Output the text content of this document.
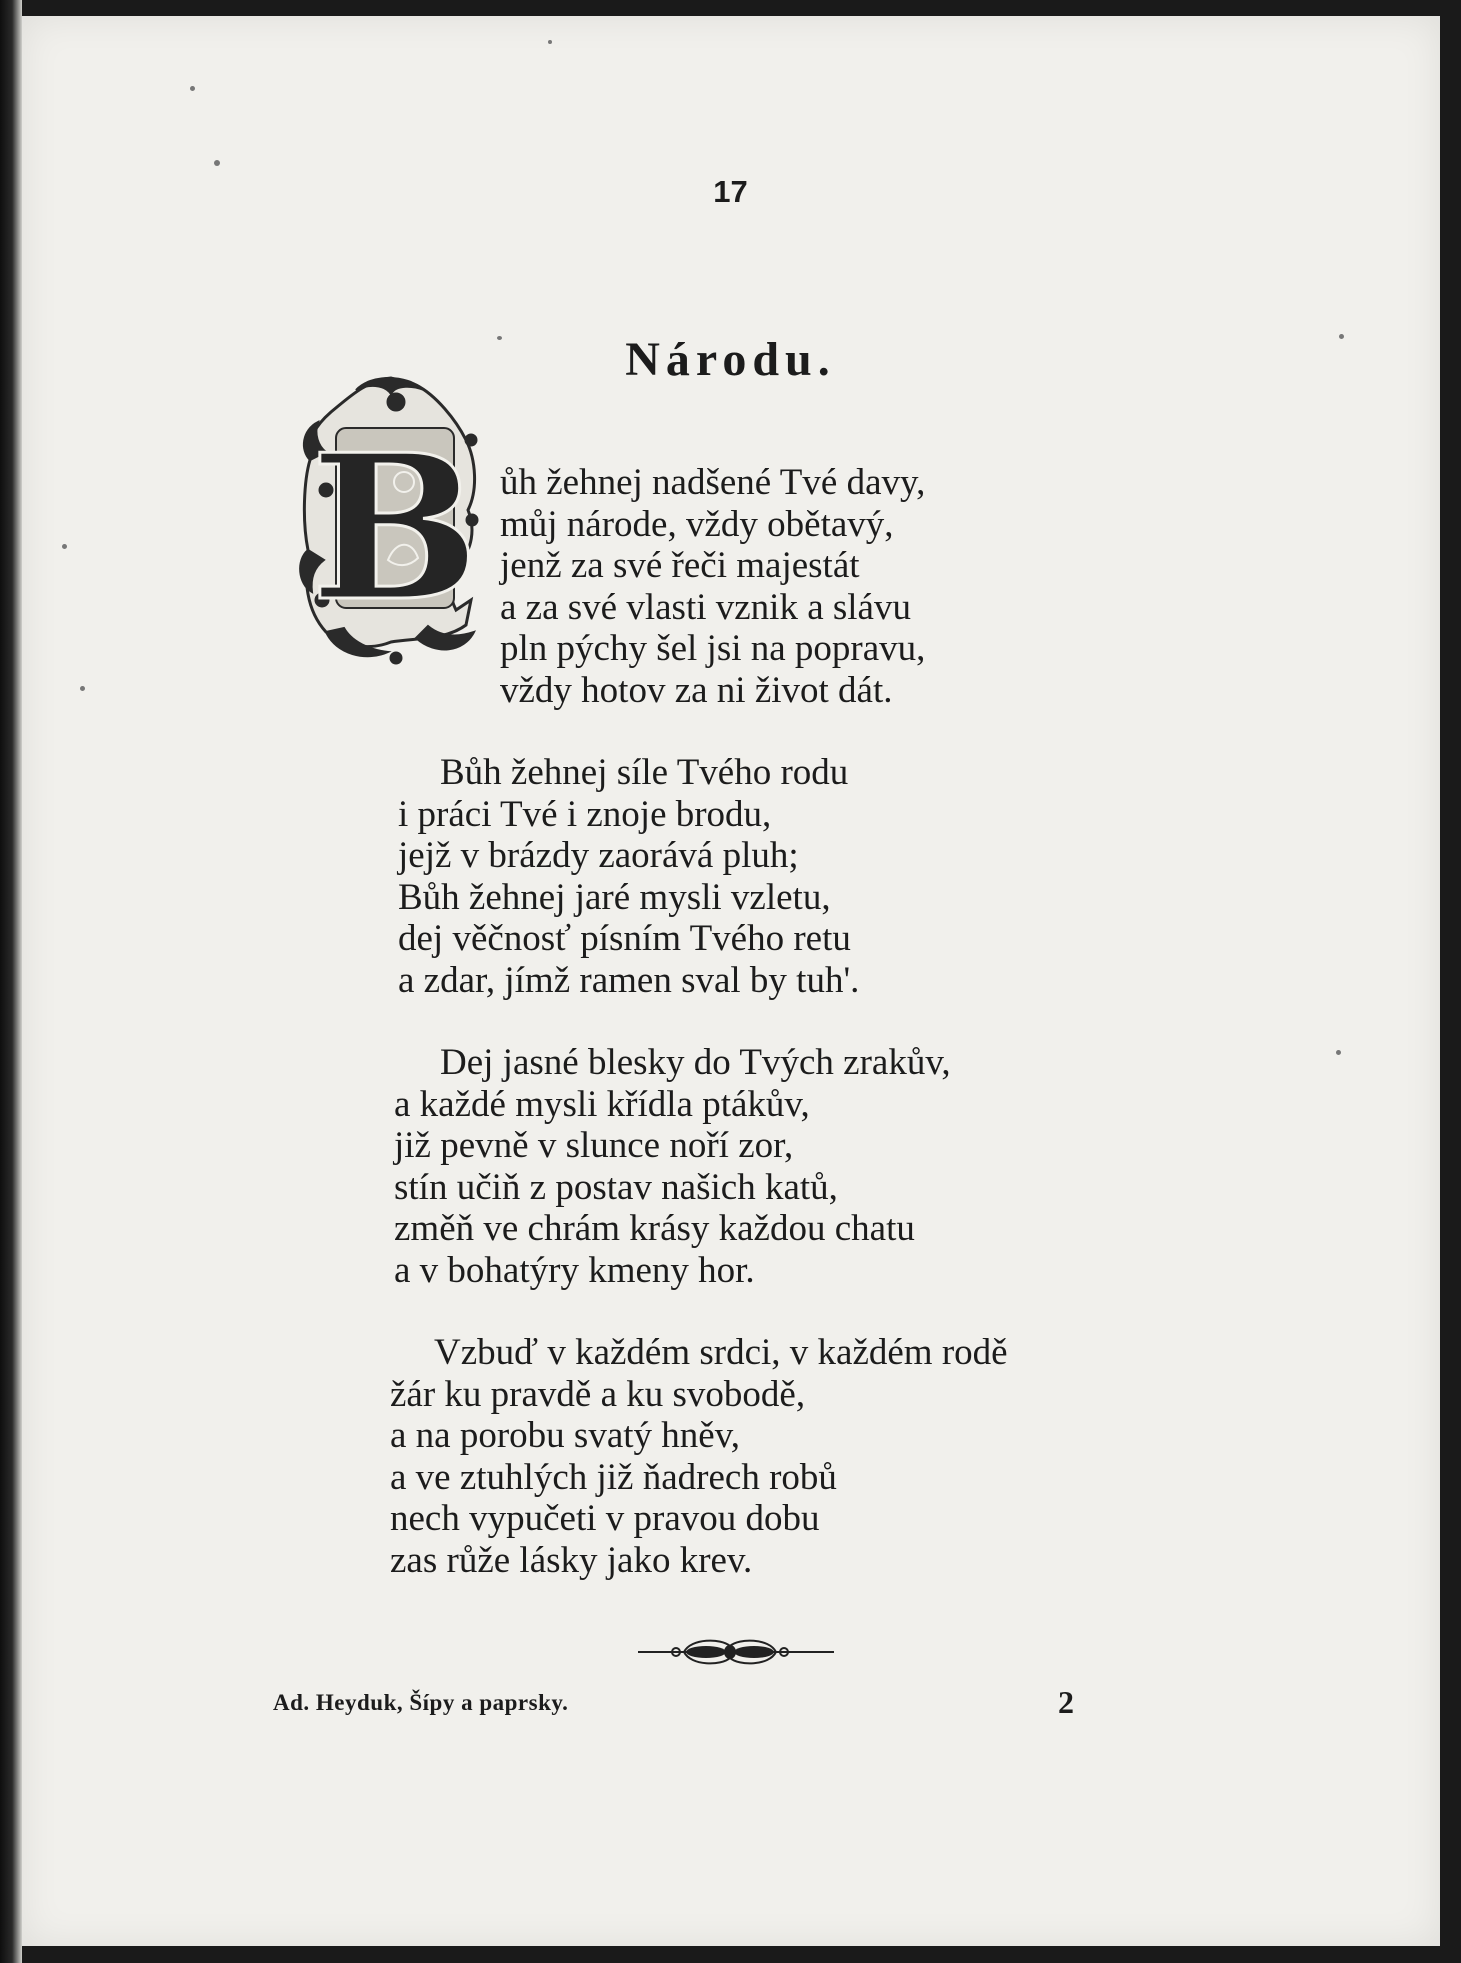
17
Národu.
B ůh žehnej nadšené Tvé davy,
můj národe, vždy obětavý,
jenž za své řeči majestát
a za své vlasti vznik a slávu
pln pýchy šel jsi na popravu,
vždy hotov za ni život dát.
Bůh žehnej síle Tvého rodu
i práci Tvé i znoje brodu,
jejž v brázdy zaorává pluh;
Bůh žehnej jaré mysli vzletu,
dej věčnosť písním Tvého retu
a zdar, jímž ramen sval by tuh'.
Dej jasné blesky do Tvých zrakův,
a každé mysli křídla ptákův,
již pevně v slunce noří zor,
stín učiň z postav našich katů,
změň ve chrám krásy každou chatu
a v bohatýry kmeny hor.
Vzbuď v každém srdci, v každém rodě
žár ku pravdě a ku svobodě,
a na porobu svatý hněv,
a ve ztuhlých již ňadrech robů
nech vypučeti v pravou dobu
zas růže lásky jako krev.
Ad. Heyduk, Šípy a paprsky.	2
